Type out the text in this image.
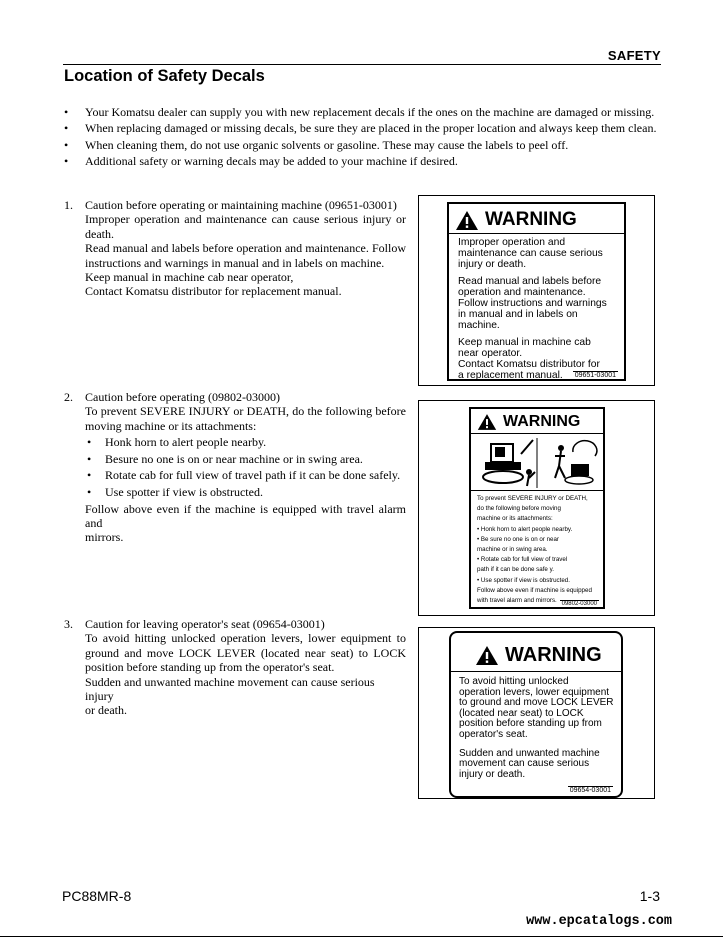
SAFETY
Location of Safety Decals
• Your Komatsu dealer can supply you with new replacement decals if the ones on the machine are damaged or missing.
• When replacing damaged or missing decals, be sure they are placed in the proper location and always keep them clean.
• When cleaning them, do not use organic solvents or gasoline. These may cause the labels to peel off.
• Additional safety or warning decals may be added to your machine if desired.
1. Caution before operating or maintaining machine (09651-03001)
Improper operation and maintenance can cause serious injury or
death.
Read manual and labels before operation and maintenance. Follow
instructions and warnings in manual and in labels on machine.
Keep manual in machine cab near operator,
Contact Komatsu distributor for replacement manual.
2. Caution before operating (09802-03000)
To prevent SEVERE INJURY or DEATH, do the following before
moving machine or its attachments:
• Honk horn to alert people nearby.
• Besure no one is on or near machine or in swing area.
• Rotate cab for full view of travel path if it can be done safely.
• Use spotter if view is obstructed.
Follow above even if the machine is equipped with travel alarm and
mirrors.
3. Caution for leaving operator's seat (09654-03001)
To avoid hitting unlocked operation levers, lower equipment to
ground and move LOCK LEVER (located near seat) to LOCK
position before standing up from the operator's seat.
Sudden and unwanted machine movement can cause serious injury
or death.
WARNING
Improper operation and
maintenance can cause serious
injury or death.
Read manual and labels before
operation and maintenance.
Follow instructions and warnings
in manual and in labels on
machine.
Keep manual in machine cab
near operator.
Contact Komatsu distributor for
a replacement manual.	09651-03001
WARNING
To prevent SEVERE INJURY or DEATH,
do the following before moving
machine or its attachments:
• Honk horn to alert people nearby.
• Be sure no one is on or near
machine or in swing area.
• Rotate cab for full view of travel
path if it can be done safe y.
• Use spotter if view is obstructed.
Follow above even if machine is equipped
with travel alarm and mirrors. 09802-03000
WARNING
To avoid hitting unlocked
operation levers, lower equipment
to ground and move LOCK LEVER
(located near seat) to LOCK
position before standing up from
operator's seat.
Sudden and unwanted machine
movement can cause serious
injury or death.
09654-03001
PC88MR-8	1-3
www.epcatalogs.com
